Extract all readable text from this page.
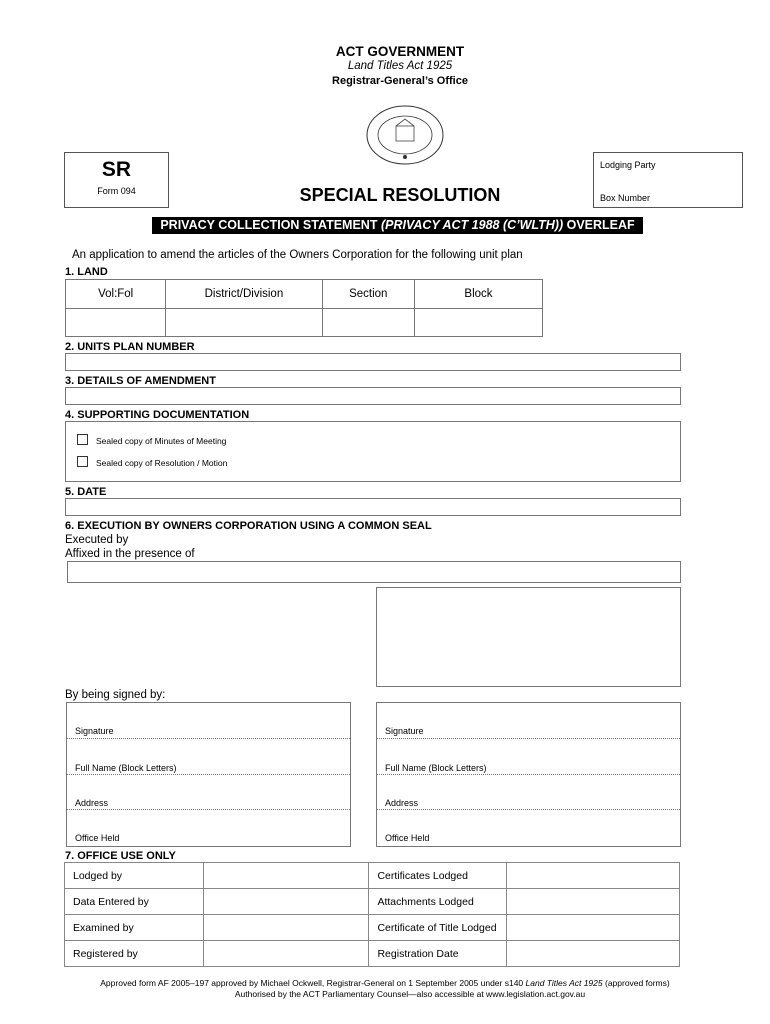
ACT GOVERNMENT
Land Titles Act 1925
Registrar-General’s Office
SR
Form 094	SPECIAL RESOLUTION
Lodging Party
Box Number
PRIVACY COLLECTION STATEMENT (PRIVACY ACT 1988 (C’WLTH)) OVERLEAF
An application to amend the articles of the Owners Corporation for the following unit plan
1. LAND
Vol:Fol	District/Division	Section	Block

2. UNITS PLAN NUMBER
3. DETAILS OF AMENDMENT
4. SUPPORTING DOCUMENTATION
Sealed copy of Minutes of Meeting
Sealed copy of Resolution / Motion
5. DATE
6. EXECUTION BY OWNERS CORPORATION USING A COMMON SEAL
Executed by
Affixed in the presence of
By being signed by:
Signature
Full Name (Block Letters)
Address
Office Held
Signature
Full Name (Block Letters)
Address
Office Held
7. OFFICE USE ONLY
Lodged by		Certificates Lodged	
Data Entered by		Attachments Lodged	
Examined by		Certificate of Title Lodged	
Registered by		Registration Date	
Approved form AF 2005–197 approved by Michael Ockwell, Registrar-General on 1 September 2005 under s140 Land Titles Act 1925 (approved forms)
Authorised by the ACT Parliamentary Counsel—also accessible at www.legislation.act.gov.au
